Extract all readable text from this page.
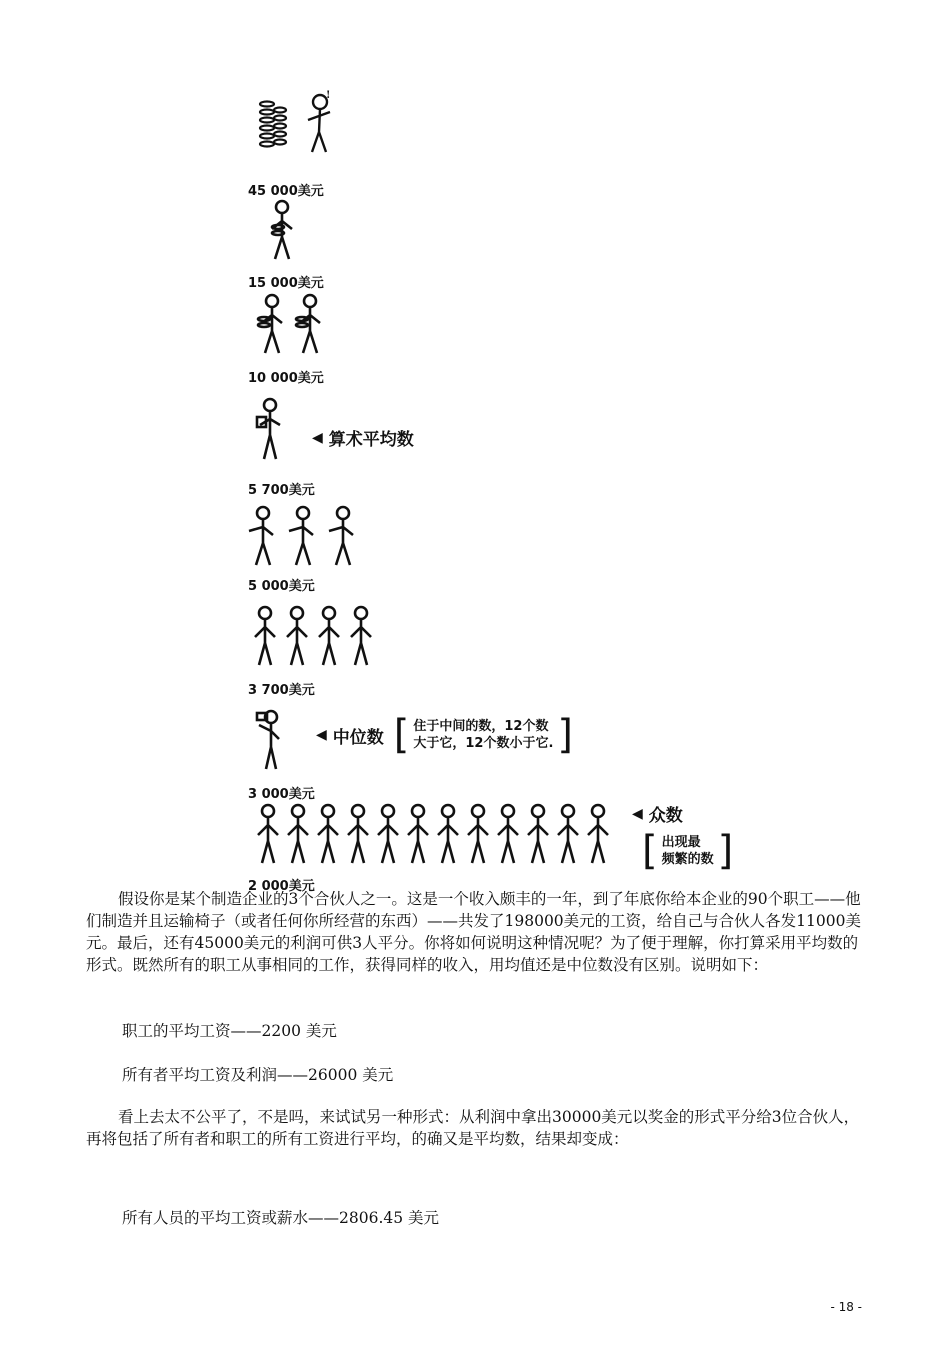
!
45 000美元
15 000美元
10 000美元
◀ 算术平均数
5 700美元
5 000美元
3 700美元
◀ 中位数 [ 住于中间的数，12个数
大于它，12个数小于它. ]
3 000美元
◀ 众数
[ 出现最
频繁的数 ]
2 000美元

假设你是某个制造企业的3个合伙人之一。这是一个收入颇丰的一年，到了年底你给本企业的90个职工——他们制造并且运输椅子（或者任何你所经营的东西）——共发了198000美元的工资，给自己与合伙人各发11000美元。最后，还有45000美元的利润可供3人平分。你将如何说明这种情况呢？为了便于理解，你打算采用平均数的形式。既然所有的职工从事相同的工作，获得同样的收入，用均值还是中位数没有区别。说明如下：

职工的平均工资——2200 美元
所有者平均工资及利润——26000 美元

看上去太不公平了，不是吗，来试试另一种形式：从利润中拿出30000美元以奖金的形式平分给3位合伙人，再将包括了所有者和职工的所有工资进行平均，的确又是平均数，结果却变成：

所有人员的平均工资或薪水——2806.45 美元
- 18 -
